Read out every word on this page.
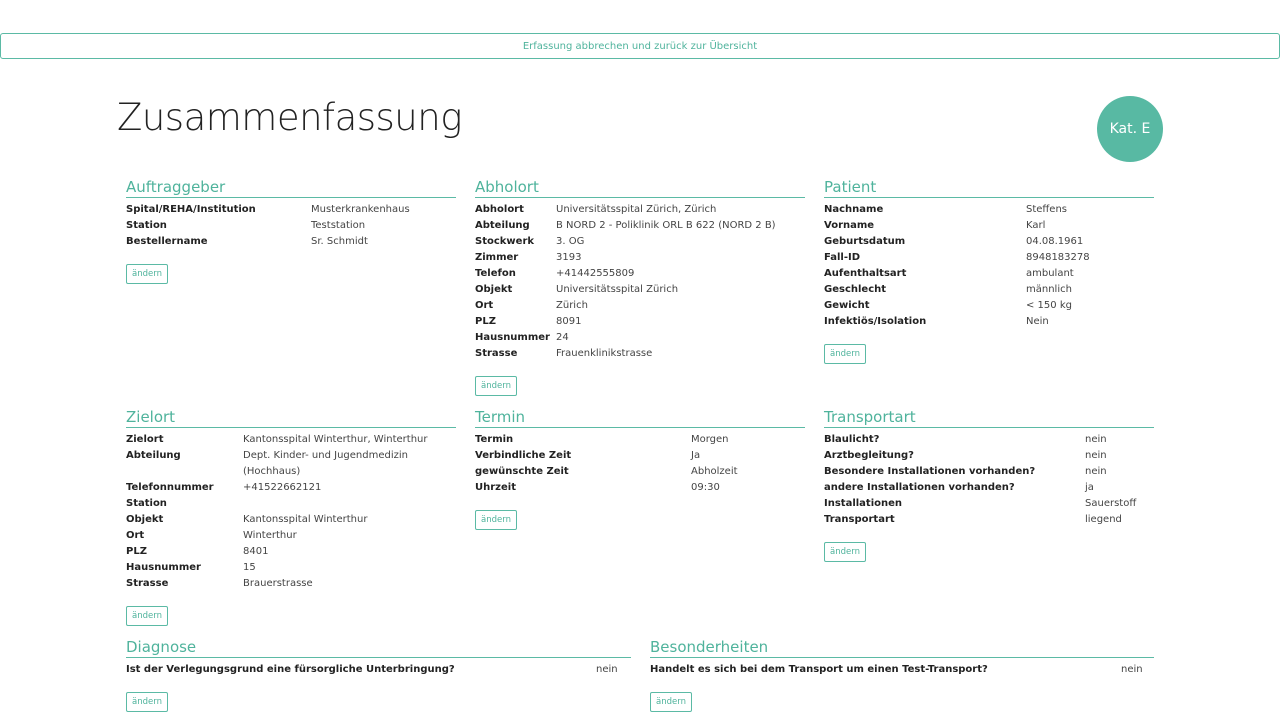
Erfassung abbrechen und zurück zur Übersicht
Zusammenfassung	Kat. E
Auftraggeber
Spital/REHA/Institution	Musterkrankenhaus
Station	Teststation
Bestellername	Sr. Schmidt
ändern
Abholort
Abholort	Universitätsspital Zürich, Zürich
Abteilung	B NORD 2 - Poliklinik ORL B 622 (NORD 2 B)
Stockwerk	3. OG
Zimmer	3193
Telefon	+41442555809
Objekt	Universitätsspital Zürich
Ort	Zürich
PLZ	8091
Hausnummer 24
Strasse	Frauenklinikstrasse
ändern
Patient
Nachname	Steffens
Vorname	Karl
Geburtsdatum	04.08.1961
Fall-ID	8948183278
Aufenthaltsart	ambulant
Geschlecht	männlich
Gewicht	< 150 kg
Infektiös/Isolation	Nein
ändern
Zielort
Zielort	Kantonsspital Winterthur, Winterthur
Abteilung	Dept. Kinder- und Jugendmedizin (Hochhaus)
Telefonnummer	+41522662121
Station
Objekt	Kantonsspital Winterthur
Ort	Winterthur
PLZ	8401
Hausnummer	15
Strasse	Brauerstrasse
ändern
Termin
Termin	Morgen
Verbindliche Zeit	Ja
gewünschte Zeit	Abholzeit
Uhrzeit	09:30
ändern
Transportart
Blaulicht?	nein
Arztbegleitung?	nein
Besondere Installationen vorhanden?	nein
andere Installationen vorhanden?	ja
Installationen	Sauerstoff
Transportart	liegend
ändern
Diagnose
Ist der Verlegungsgrund eine fürsorgliche Unterbringung?	nein
ändern
Besonderheiten
Handelt es sich bei dem Transport um einen Test-Transport?	nein
ändern
